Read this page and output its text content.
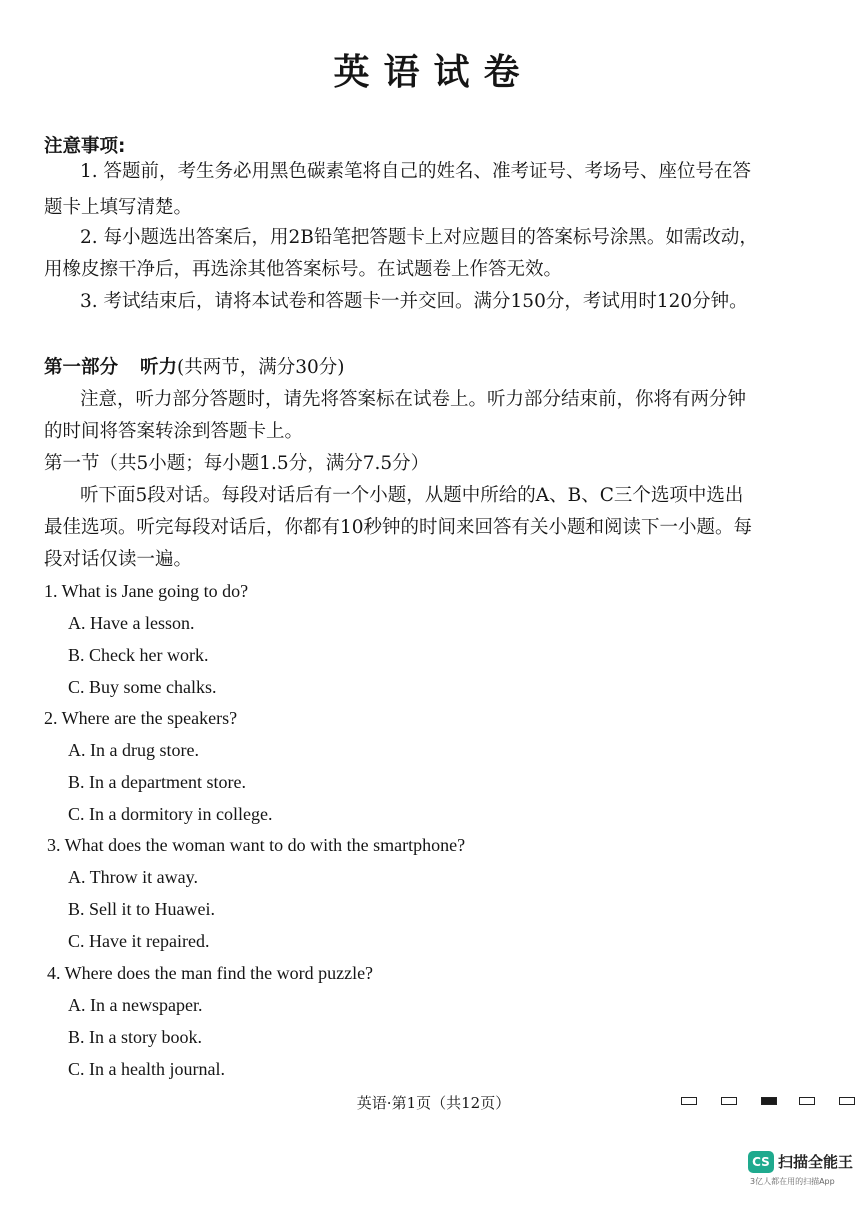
英语试卷
注意事项:
1. 答题前，考生务必用黑色碳素笔将自己的姓名、准考证号、考场号、座位号在答
题卡上填写清楚。
2. 每小题选出答案后，用2B铅笔把答题卡上对应题目的答案标号涂黑。如需改动，
用橡皮擦干净后，再选涂其他答案标号。在试题卷上作答无效。
3. 考试结束后，请将本试卷和答题卡一并交回。满分150分，考试用时120分钟。
第一部分 听力(共两节，满分30分)
注意，听力部分答题时，请先将答案标在试卷上。听力部分结束前，你将有两分钟
的时间将答案转涂到答题卡上。
第一节（共5小题；每小题1.5分，满分7.5分）
听下面5段对话。每段对话后有一个小题，从题中所给的A、B、C三个选项中选出
最佳选项。听完每段对话后，你都有10秒钟的时间来回答有关小题和阅读下一小题。每
段对话仅读一遍。
1. What is Jane going to do?
A. Have a lesson.
B. Check her work.
C. Buy some chalks.
2. Where are the speakers?
A. In a drug store.
B. In a department store.
C. In a dormitory in college.
3. What does the woman want to do with the smartphone?
A. Throw it away.
B. Sell it to Huawei.
C. Have it repaired.
4. Where does the man find the word puzzle?
A. In a newspaper.
B. In a story book.
C. In a health journal.
英语·第1页（共12页）
CS 扫描全能王
3亿人都在用的扫描App
